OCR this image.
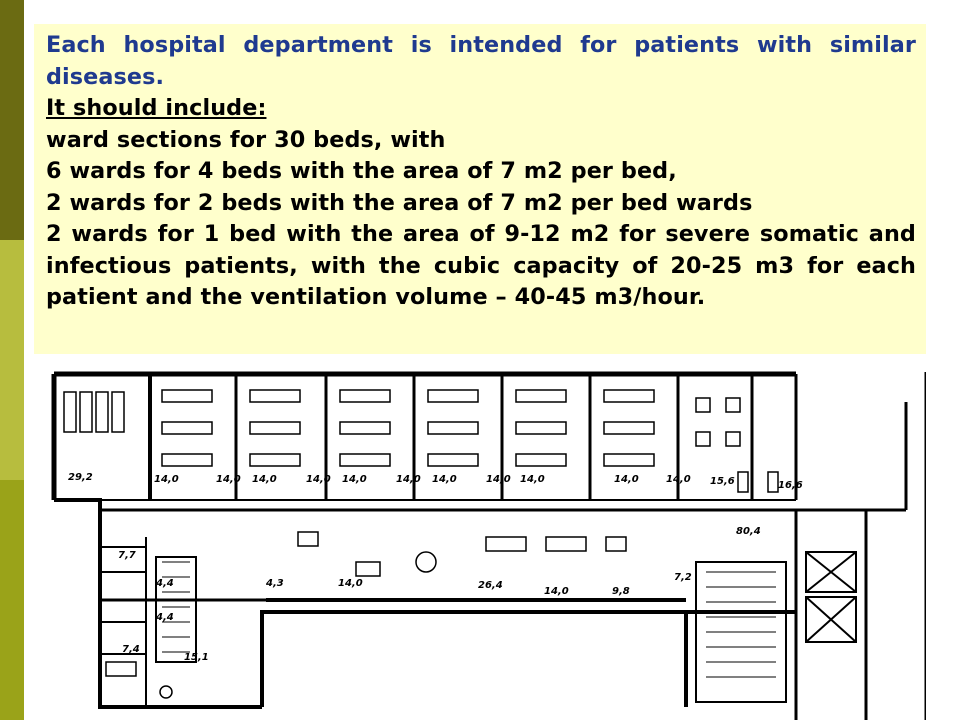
Each hospital department is intended for patients with similar diseases.
It should include:
ward sections for 30 beds, with
6 wards for 4 beds with the area of 7 m2 per bed,
2 wards for 2 beds with the area of 7 m2 per bed wards
2 wards for 1 bed with the area of 9-12 m2 for severe somatic and infectious patients, with the cubic capacity of 20-25 m3 for each patient and the ventilation volume – 40-45 m3/hour.
29,2	14,0	14,0 14,0	14,0 14,0	14,0 14,0	14,0 14,0	14,0	14,0 15,6	16,6
80,4
7,7
4,4
4,4
7,4
15,1
4,3	14,0	26,4
14,0	9,8
7,2
